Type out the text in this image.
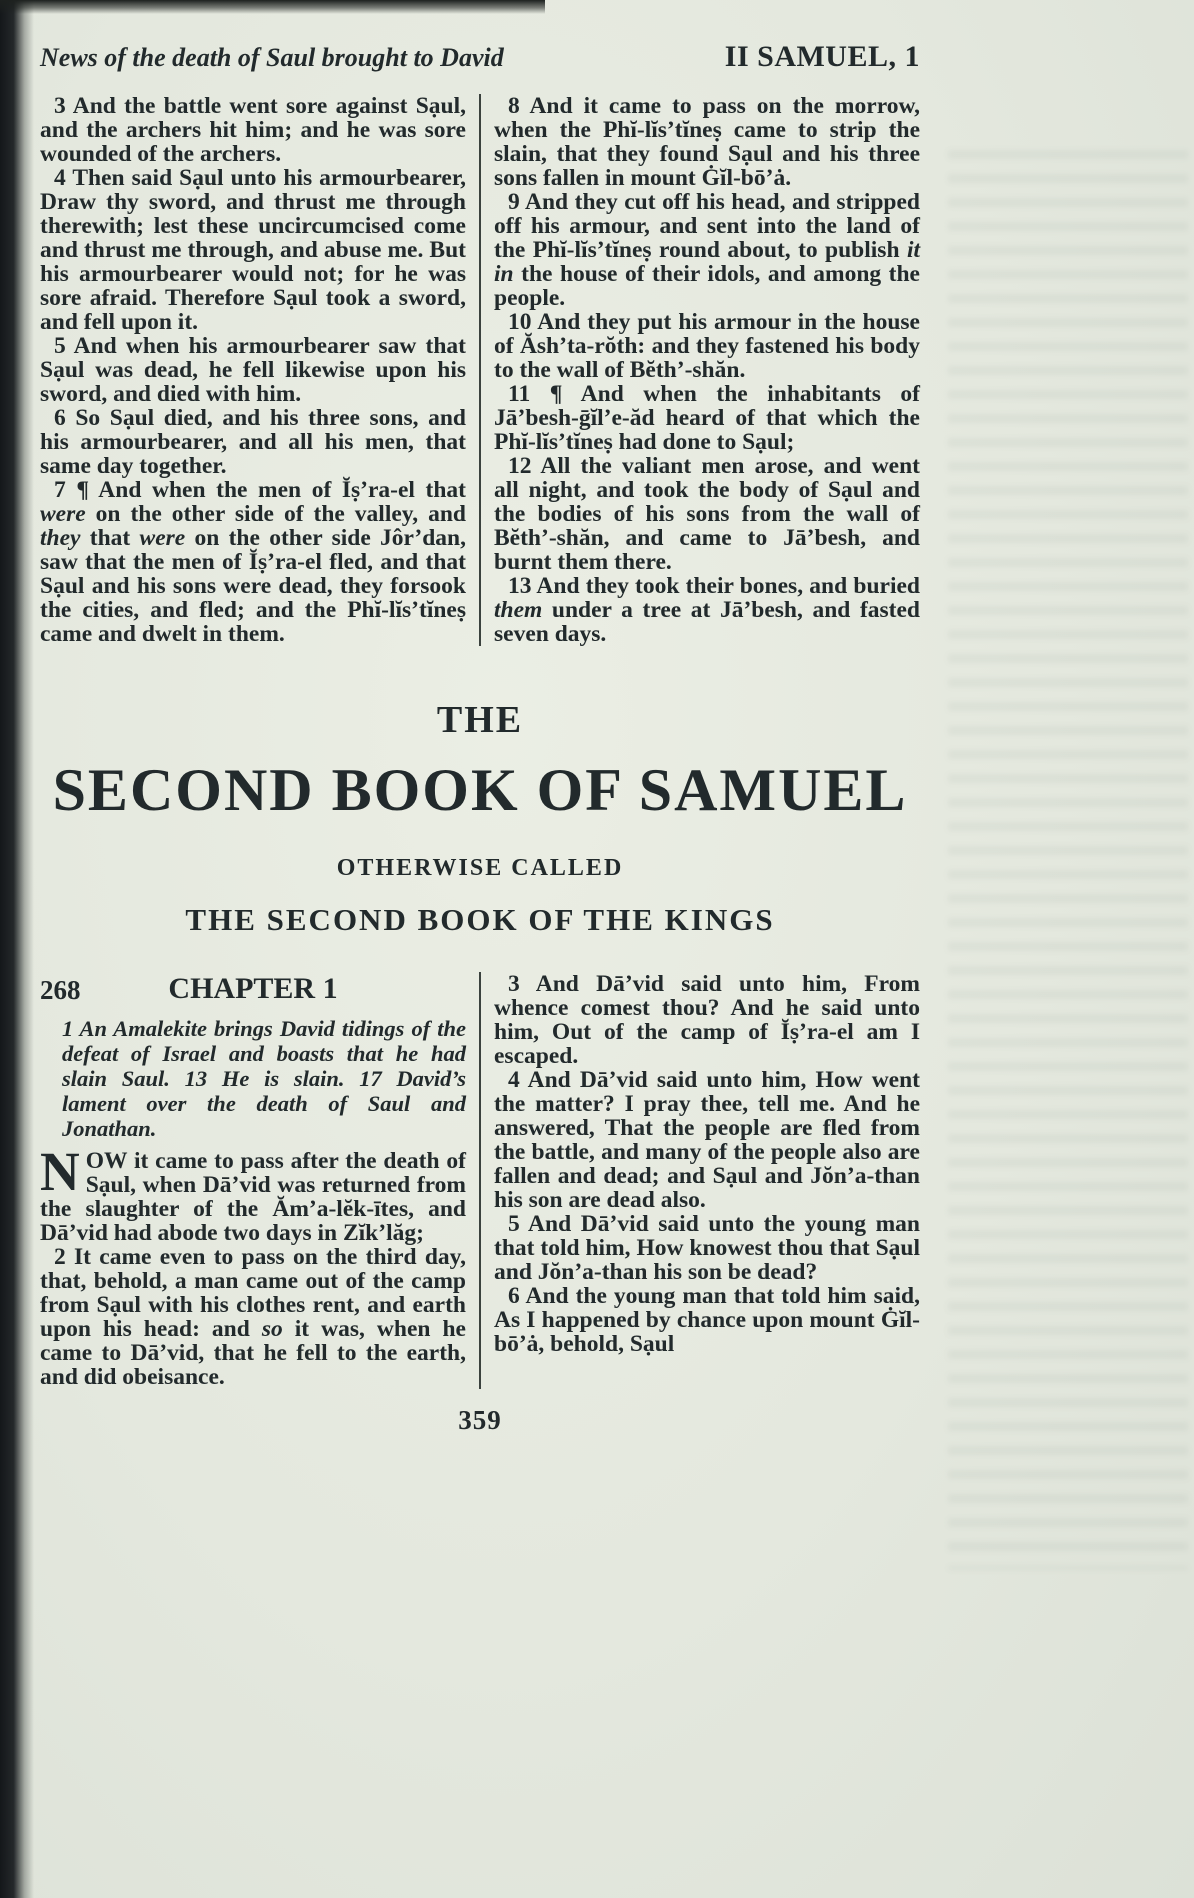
News of the death of Saul brought to David	II SAMUEL, 1

3 And the battle went sore against Sạul, and the archers hit him; and he was sore wounded of the archers.

4 Then said Sạul unto his armourbearer, Draw thy sword, and thrust me through therewith; lest these uncircumcised come and thrust me through, and abuse me. But his armourbearer would not; for he was sore afraid. Therefore Sạul took a sword, and fell upon it.

5 And when his armourbearer saw that Sạul was dead, he fell likewise upon his sword, and died with him.

6 So Sạul died, and his three sons, and his armourbearer, and all his men, that same day together.

7 ¶ And when the men of Ĭṣ’ra-el that were on the other side of the valley, and they that were on the other side Jôr’dan, saw that the men of Ĭṣ’ra-el fled, and that Sạul and his sons were dead, they forsook the cities, and fled; and the Phĭ-lĭs’tĭneṣ came and dwelt in them.

8 And it came to pass on the morrow, when the Phĭ-lĭs’tĭneṣ came to strip the slain, that they found Sạul and his three sons fallen in mount Ġĭl-bō’ȧ.

9 And they cut off his head, and stripped off his armour, and sent into the land of the Phĭ-lĭs’tĭneṣ round about, to publish it in the house of their idols, and among the people.

10 And they put his armour in the house of Ăsh’ta-rŏth: and they fastened his body to the wall of Bĕth’-shăn.

11 ¶ And when the inhabitants of Jā’besh-ḡĭl’e-ăd heard of that which the Phĭ-lĭs’tĭneṣ had done to Sạul;

12 All the valiant men arose, and went all night, and took the body of Sạul and the bodies of his sons from the wall of Bĕth’-shăn, and came to Jā’besh, and burnt them there.

13 And they took their bones, and buried them under a tree at Jā’besh, and fasted seven days.

THE
SECOND BOOK OF SAMUEL
OTHERWISE CALLED
THE SECOND BOOK OF THE KINGS
268	CHAPTER 1

1 An Amalekite brings David tidings of the defeat of Israel and boasts that he had slain Saul. 13 He is slain. 17 David’s lament over the death of Saul and Jonathan.

NOW it came to pass after the death of Sạul, when Dā’vid was returned from the slaughter of the Ăm’a-lĕk-ītes, and Dā’vid had abode two days in Zĭk’lăg;

2 It came even to pass on the third day, that, behold, a man came out of the camp from Sạul with his clothes rent, and earth upon his head: and so it was, when he came to Dā’vid, that he fell to the earth, and did obeisance.

3 And Dā’vid said unto him, From whence comest thou? And he said unto him, Out of the camp of Ĭṣ’ra-el am I escaped.

4 And Dā’vid said unto him, How went the matter? I pray thee, tell me. And he answered, That the people are fled from the battle, and many of the people also are fallen and dead; and Sạul and Jŏn’a-than his son are dead also.

5 And Dā’vid said unto the young man that told him, How knowest thou that Sạul and Jŏn’a-than his son be dead?

6 And the young man that told him said, As I happened by chance upon mount Ġĭl-bō’ȧ, behold, Sạul

359
